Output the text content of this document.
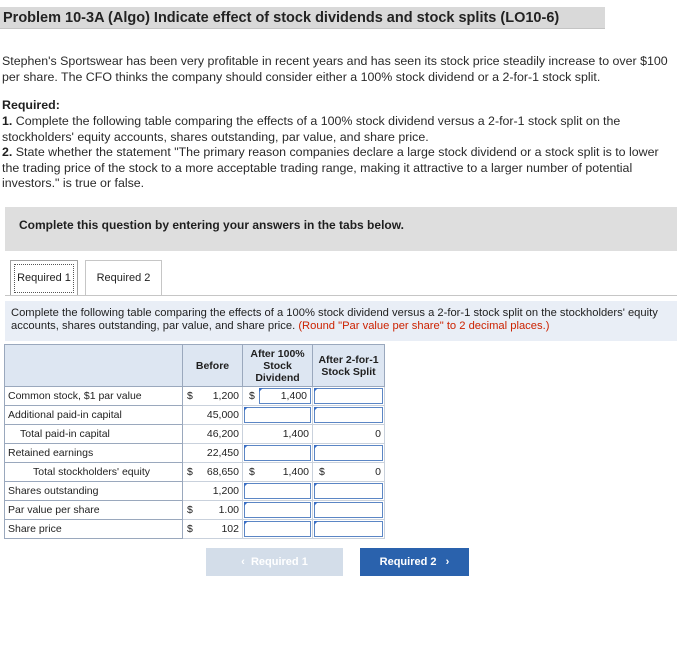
Problem 10-3A (Algo) Indicate effect of stock dividends and stock splits (LO10-6)
Stephen's Sportswear has been very profitable in recent years and has seen its stock price steadily increase to over $100 per share. The CFO thinks the company should consider either a 100% stock dividend or a 2-for-1 stock split.
Required:
1. Complete the following table comparing the effects of a 100% stock dividend versus a 2-for-1 stock split on the stockholders' equity accounts, shares outstanding, par value, and share price.
2. State whether the statement "The primary reason companies declare a large stock dividend or a stock split is to lower the trading price of the stock to a more acceptable trading range, making it attractive to a larger number of potential investors." is true or false.
Complete this question by entering your answers in the tabs below.
Required 1	Required 2
Complete the following table comparing the effects of a 100% stock dividend versus a 2-for-1 stock split on the stockholders' equity accounts, shares outstanding, par value, and share price. (Round "Par value per share" to 2 decimal places.)
	Before	After 100% Stock Dividend	After 2-for-1 Stock Split
Common stock, $1 par value	$ 1,200	$ 1,400	

Additional paid-in capital	45,000		

Total paid-in capital	46,200	1,400	0

Retained earnings	22,450		

Total stockholders' equity	$ 68,650	$ 1,400	$ 0

Shares outstanding	1,200		

Par value per share	$ 1.00		

Share price	$ 102		

‹ Required 1	Required 2 ›
